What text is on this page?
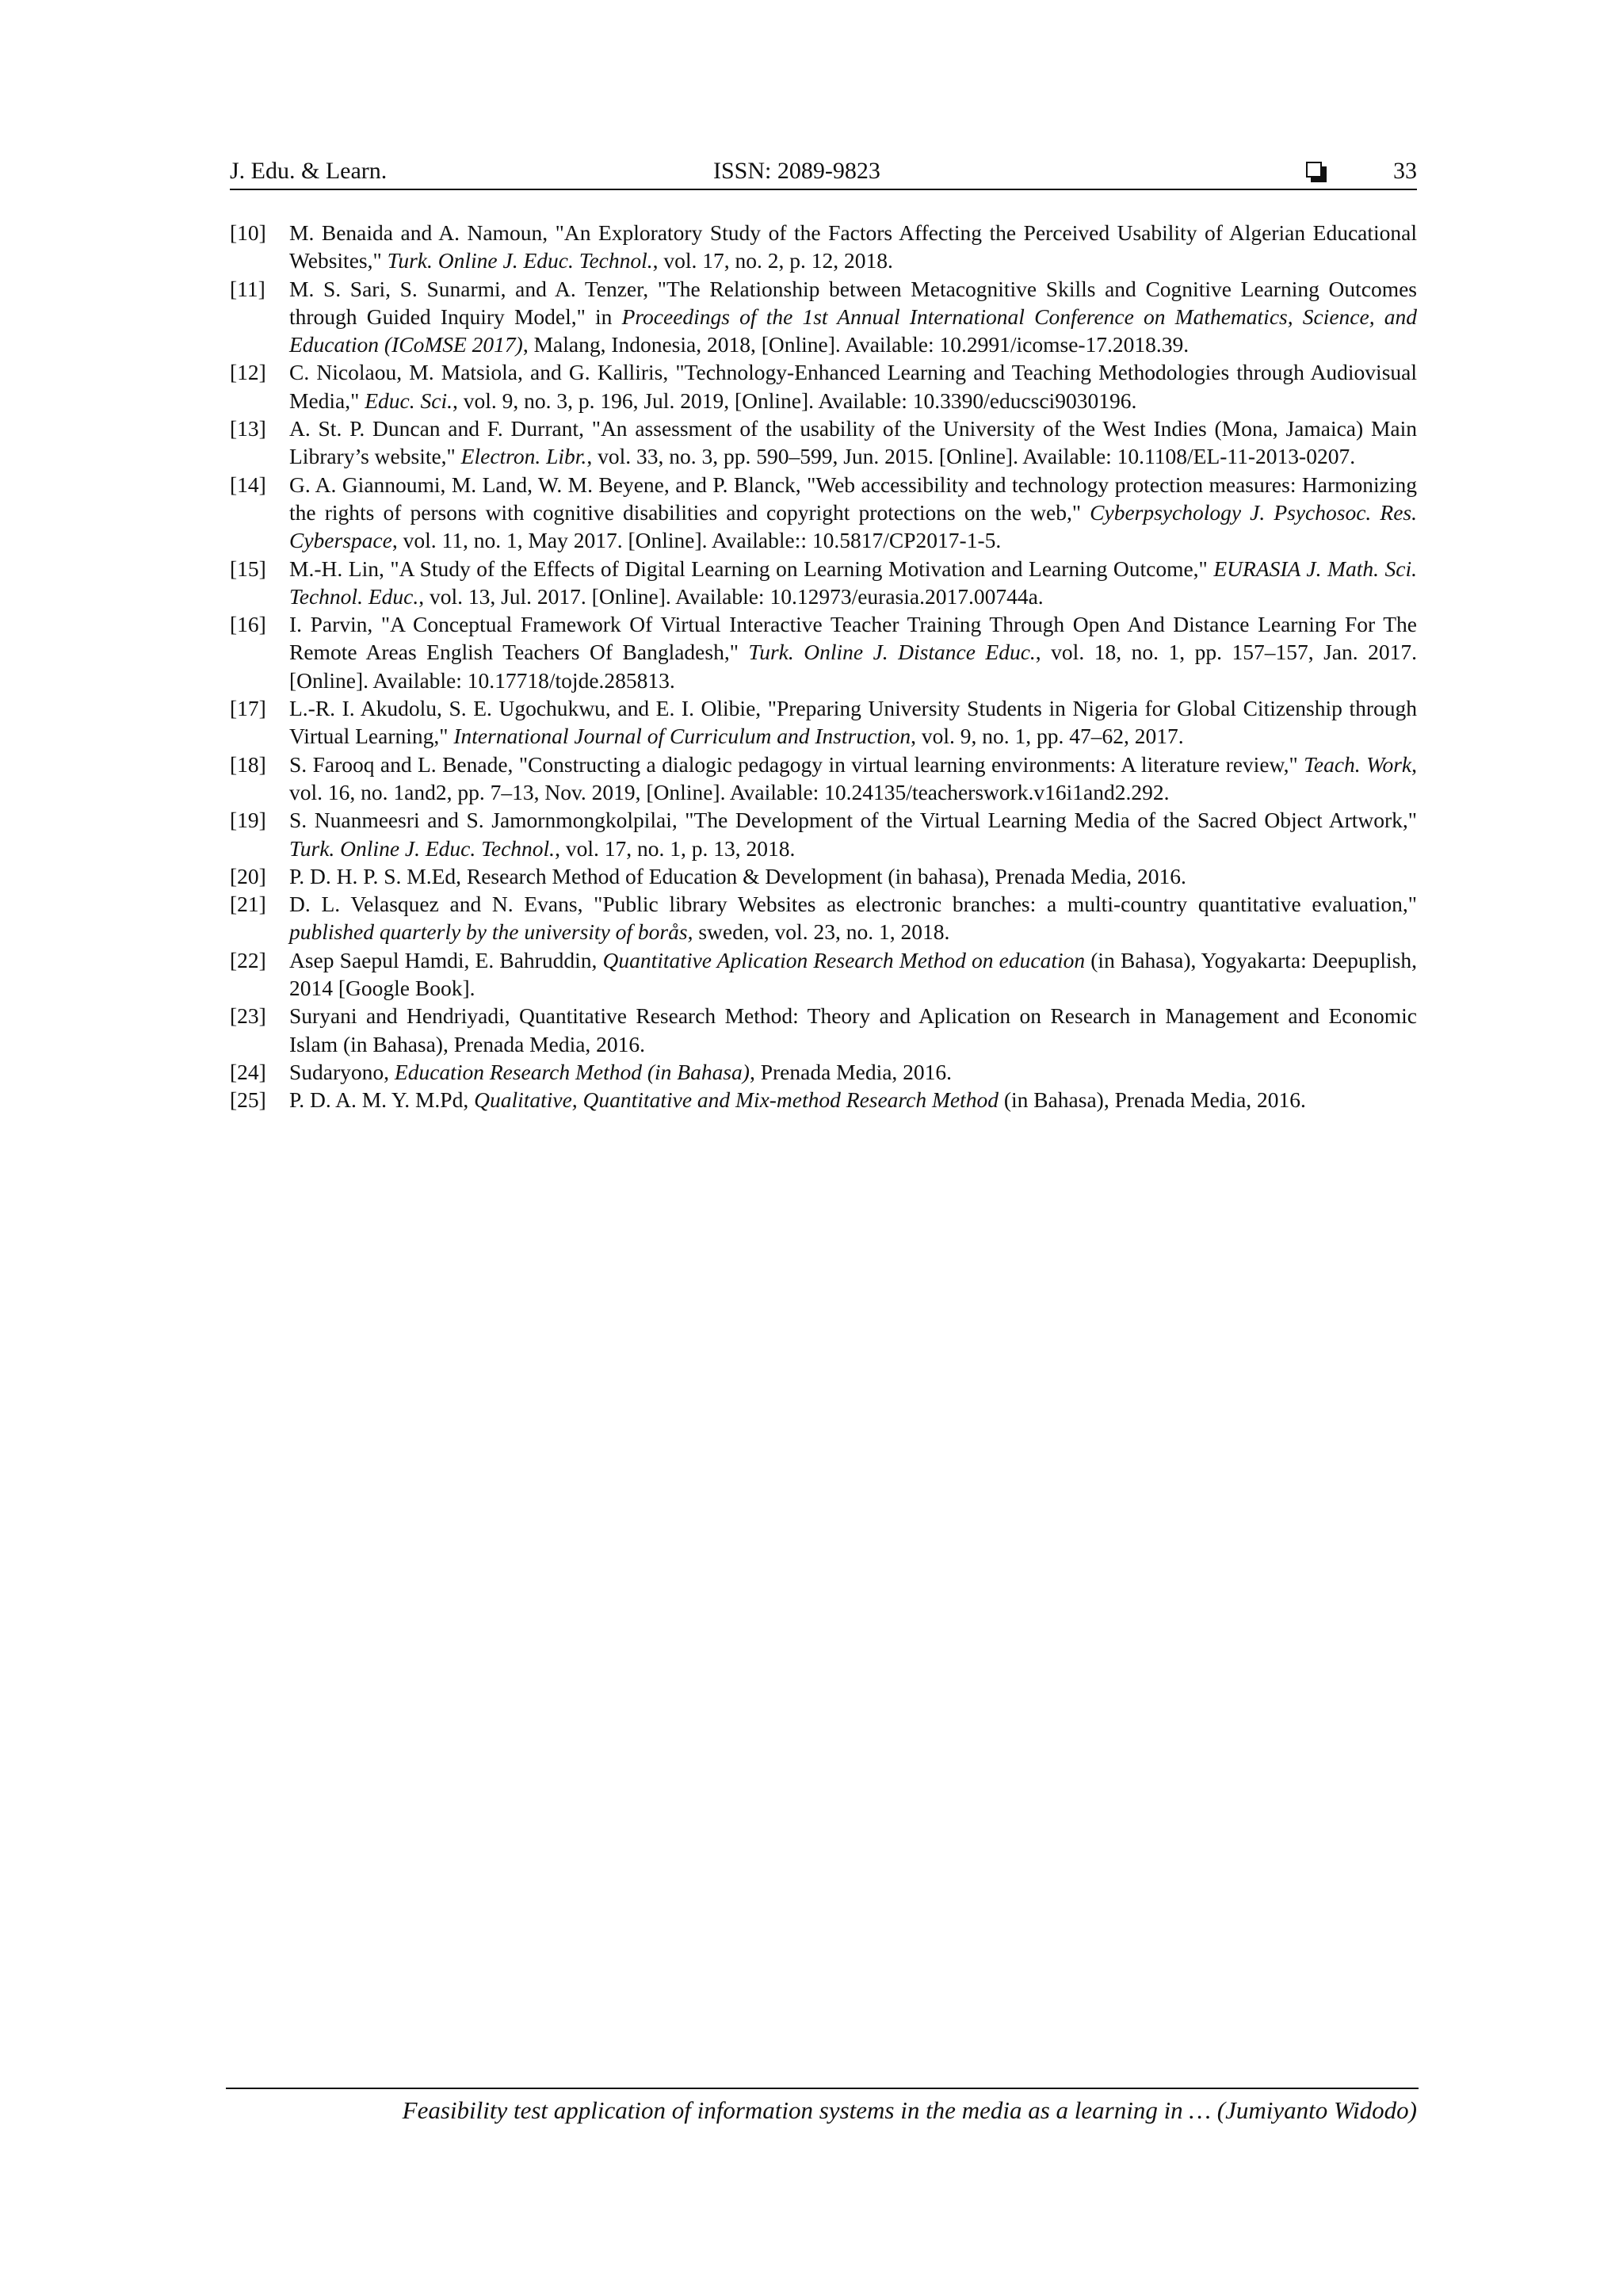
J. Edu. & Learn.	ISSN: 2089-9823	33
[10] M. Benaida and A. Namoun, "An Exploratory Study of the Factors Affecting the Perceived Usability of Algerian Educational Websites," Turk. Online J. Educ. Technol., vol. 17, no. 2, p. 12, 2018.
[11] M. S. Sari, S. Sunarmi, and A. Tenzer, "The Relationship between Metacognitive Skills and Cognitive Learning Outcomes through Guided Inquiry Model," in Proceedings of the 1st Annual International Conference on Mathematics, Science, and Education (ICoMSE 2017), Malang, Indonesia, 2018, [Online]. Available: 10.2991/icomse-17.2018.39.
[12] C. Nicolaou, M. Matsiola, and G. Kalliris, "Technology-Enhanced Learning and Teaching Methodologies through Audiovisual Media," Educ. Sci., vol. 9, no. 3, p. 196, Jul. 2019, [Online]. Available: 10.3390/educsci9030196.
[13] A. St. P. Duncan and F. Durrant, "An assessment of the usability of the University of the West Indies (Mona, Jamaica) Main Library’s website," Electron. Libr., vol. 33, no. 3, pp. 590–599, Jun. 2015. [Online]. Available: 10.1108/EL-11-2013-0207.
[14] G. A. Giannoumi, M. Land, W. M. Beyene, and P. Blanck, "Web accessibility and technology protection measures: Harmonizing the rights of persons with cognitive disabilities and copyright protections on the web," Cyberpsychology J. Psychosoc. Res. Cyberspace, vol. 11, no. 1, May 2017. [Online]. Available:: 10.5817/CP2017-1-5.
[15] M.-H. Lin, "A Study of the Effects of Digital Learning on Learning Motivation and Learning Outcome," EURASIA J. Math. Sci. Technol. Educ., vol. 13, Jul. 2017. [Online]. Available: 10.12973/eurasia.2017.00744a.
[16] I. Parvin, "A Conceptual Framework Of Virtual Interactive Teacher Training Through Open And Distance Learning For The Remote Areas English Teachers Of Bangladesh," Turk. Online J. Distance Educ., vol. 18, no. 1, pp. 157–157, Jan. 2017. [Online]. Available: 10.17718/tojde.285813.
[17] L.-R. I. Akudolu, S. E. Ugochukwu, and E. I. Olibie, "Preparing University Students in Nigeria for Global Citizenship through Virtual Learning," International Journal of Curriculum and Instruction, vol. 9, no. 1, pp. 47–62, 2017.
[18] S. Farooq and L. Benade, "Constructing a dialogic pedagogy in virtual learning environments: A literature review," Teach. Work, vol. 16, no. 1and2, pp. 7–13, Nov. 2019, [Online]. Available: 10.24135/teacherswork.v16i1and2.292.
[19] S. Nuanmeesri and S. Jamornmongkolpilai, "The Development of the Virtual Learning Media of the Sacred Object Artwork," Turk. Online J. Educ. Technol., vol. 17, no. 1, p. 13, 2018.
[20] P. D. H. P. S. M.Ed, Research Method of Education & Development (in bahasa), Prenada Media, 2016.
[21] D. L. Velasquez and N. Evans, "Public library Websites as electronic branches: a multi-country quantitative evaluation," published quarterly by the university of borås, sweden, vol. 23, no. 1, 2018.
[22] Asep Saepul Hamdi, E. Bahruddin, Quantitative Aplication Research Method on education (in Bahasa), Yogyakarta: Deepuplish, 2014 [Google Book].
[23] Suryani and Hendriyadi, Quantitative Research Method: Theory and Aplication on Research in Management and Economic Islam (in Bahasa), Prenada Media, 2016.
[24] Sudaryono, Education Research Method (in Bahasa), Prenada Media, 2016.
[25] P. D. A. M. Y. M.Pd, Qualitative, Quantitative and Mix-method Research Method (in Bahasa), Prenada Media, 2016.
Feasibility test application of information systems in the media as a learning in … (Jumiyanto Widodo)
